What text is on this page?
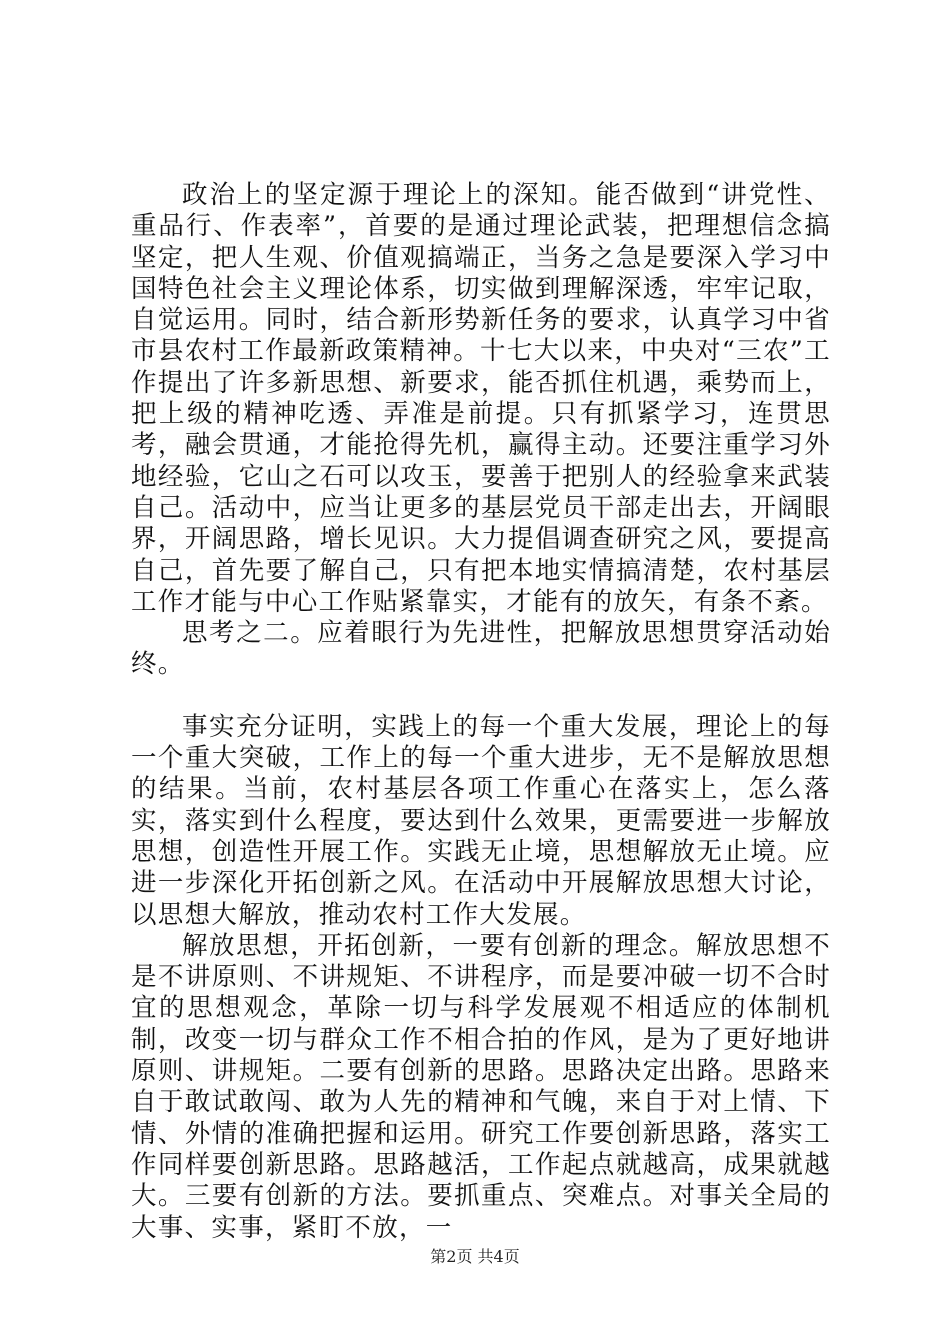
政治上的坚定源于理论上的深知。能否做到“讲党性、重品行、作表率”，首要的是通过理论武装，把理想信念搞坚定，把人生观、价值观搞端正，当务之急是要深入学习中国特色社会主义理论体系，切实做到理解深透，牢牢记取，自觉运用。同时，结合新形势新任务的要求，认真学习中省市县农村工作最新政策精神。十七大以来，中央对“三农”工作提出了许多新思想、新要求，能否抓住机遇，乘势而上，把上级的精神吃透、弄准是前提。只有抓紧学习，连贯思考，融会贯通，才能抢得先机，赢得主动。还要注重学习外地经验，它山之石可以攻玉，要善于把别人的经验拿来武装自己。活动中，应当让更多的基层党员干部走出去，开阔眼界，开阔思路，增长见识。大力提倡调查研究之风，要提高自己，首先要了解自己，只有把本地实情搞清楚，农村基层工作才能与中心工作贴紧靠实，才能有的放矢，有条不紊。

思考之二。应着眼行为先进性，把解放思想贯穿活动始终。

事实充分证明，实践上的每一个重大发展，理论上的每一个重大突破，工作上的每一个重大进步，无不是解放思想的结果。当前，农村基层各项工作重心在落实上，怎么落实，落实到什么程度，要达到什么效果，更需要进一步解放思想，创造性开展工作。实践无止境，思想解放无止境。应进一步深化开拓创新之风。在活动中开展解放思想大讨论，以思想大解放，推动农村工作大发展。

解放思想，开拓创新，一要有创新的理念。解放思想不是不讲原则、不讲规矩、不讲程序，而是要冲破一切不合时宜的思想观念，革除一切与科学发展观不相适应的体制机制，改变一切与群众工作不相合拍的作风，是为了更好地讲原则、讲规矩。二要有创新的思路。思路决定出路。思路来自于敢试敢闯、敢为人先的精神和气魄，来自于对上情、下情、外情的准确把握和运用。研究工作要创新思路，落实工作同样要创新思路。思路越活，工作起点就越高，成果就越大。三要有创新的方法。要抓重点、突难点。对事关全局的大事、实事，紧盯不放，一

第2页 共4页
